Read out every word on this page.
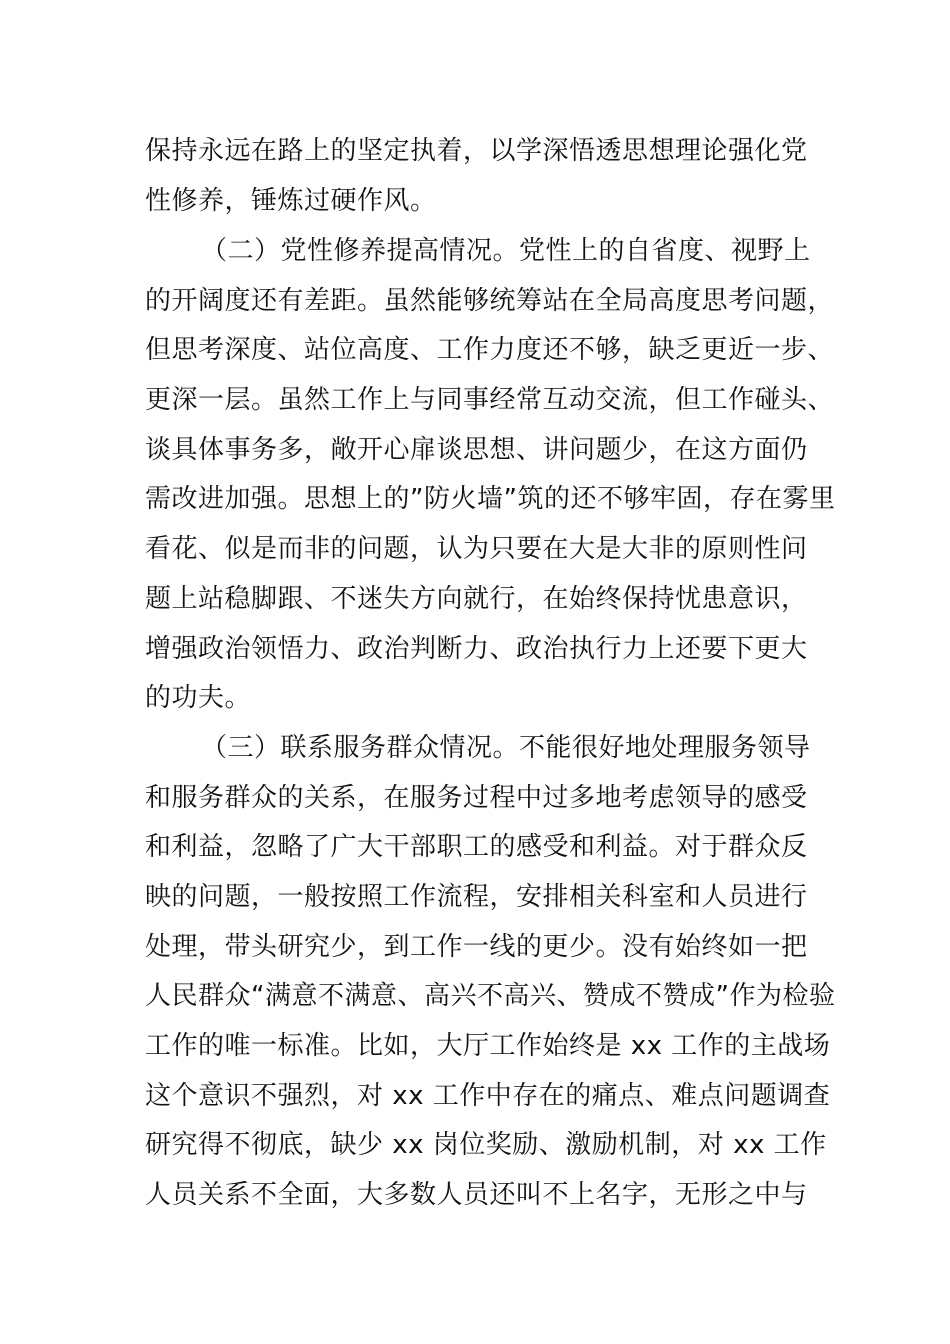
保持永远在路上的坚定执着，以学深悟透思想理论强化党

性修养，锤炼过硬作风。

（二）党性修养提高情况。党性上的自省度、视野上

的开阔度还有差距。虽然能够统筹站在全局高度思考问题，

但思考深度、站位高度、工作力度还不够，缺乏更近一步、

更深一层。虽然工作上与同事经常互动交流，但工作碰头、

谈具体事务多，敞开心扉谈思想、讲问题少，在这方面仍

需改进加强。思想上的”防火墙”筑的还不够牢固，存在雾里

看花、似是而非的问题，认为只要在大是大非的原则性问

题上站稳脚跟、不迷失方向就行，在始终保持忧患意识，

增强政治领悟力、政治判断力、政治执行力上还要下更大

的功夫。

（三）联系服务群众情况。不能很好地处理服务领导

和服务群众的关系，在服务过程中过多地考虑领导的感受

和利益，忽略了广大干部职工的感受和利益。对于群众反

映的问题，一般按照工作流程，安排相关科室和人员进行

处理，带头研究少，到工作一线的更少。没有始终如一把

人民群众“满意不满意、高兴不高兴、赞成不赞成”作为检验

工作的唯一标准。比如，大厅工作始终是 xx 工作的主战场

这个意识不强烈，对 xx 工作中存在的痛点、难点问题调查

研究得不彻底，缺少 xx 岗位奖励、激励机制，对 xx 工作

人员关系不全面，大多数人员还叫不上名字，无形之中与
